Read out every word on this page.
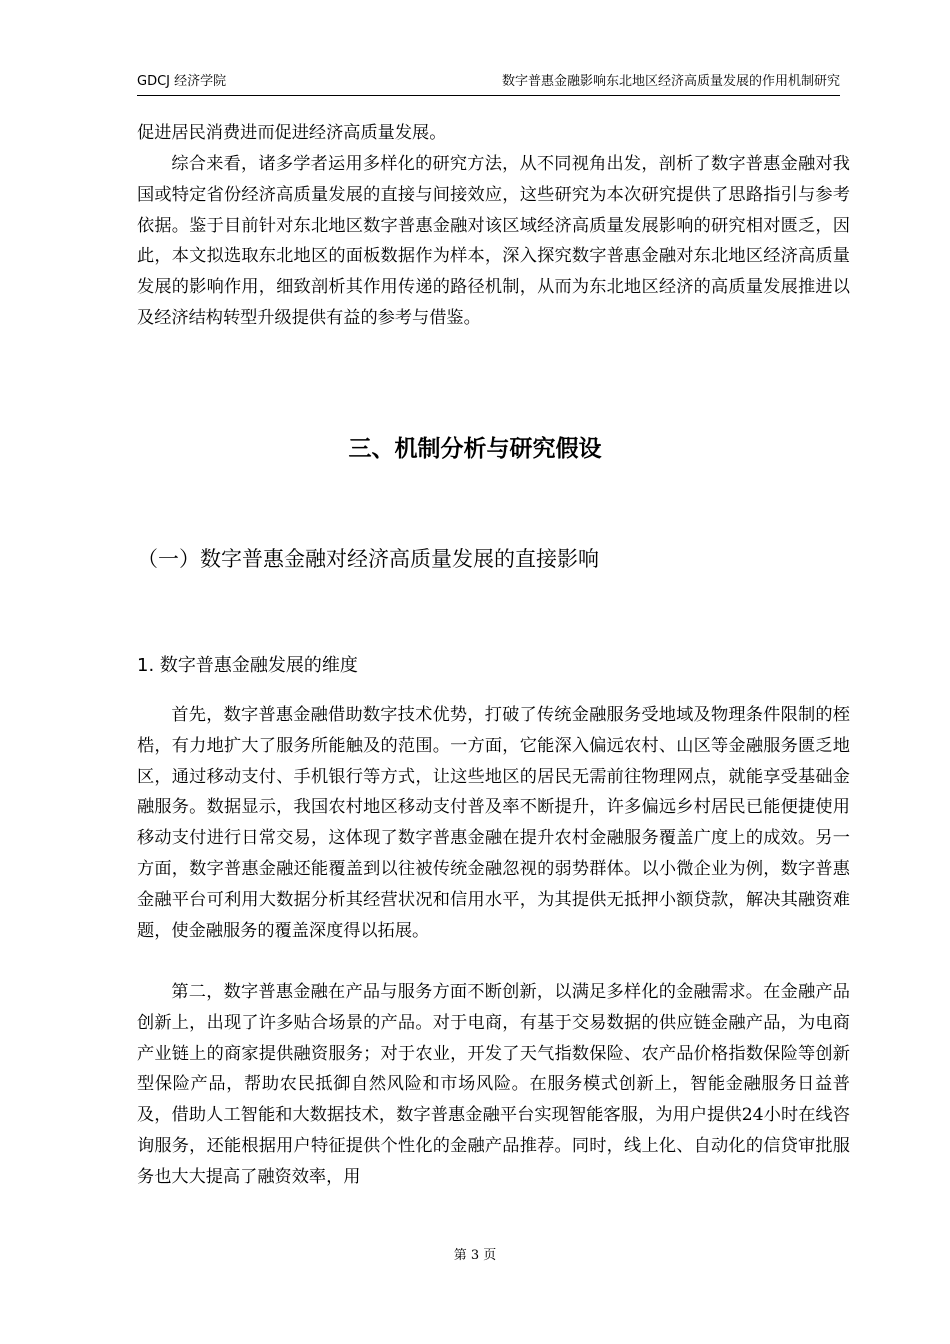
GDCJ 经济学院	数字普惠金融影响东北地区经济高质量发展的作用机制研究

促进居民消费进而促进经济高质量发展。

综合来看，诸多学者运用多样化的研究方法，从不同视角出发，剖析了数字普惠金融对我国或特定省份经济高质量发展的直接与间接效应，这些研究为本次研究提供了思路指引与参考依据。鉴于目前针对东北地区数字普惠金融对该区域经济高质量发展影响的研究相对匮乏，因此，本文拟选取东北地区的面板数据作为样本，深入探究数字普惠金融对东北地区经济高质量发展的影响作用，细致剖析其作用传递的路径机制，从而为东北地区经济的高质量发展推进以及经济结构转型升级提供有益的参考与借鉴。

三、机制分析与研究假设
（一）数字普惠金融对经济高质量发展的直接影响
1. 数字普惠金融发展的维度

首先，数字普惠金融借助数字技术优势，打破了传统金融服务受地域及物理条件限制的桎梏，有力地扩大了服务所能触及的范围。一方面，它能深入偏远农村、山区等金融服务匮乏地区，通过移动支付、手机银行等方式，让这些地区的居民无需前往物理网点，就能享受基础金融服务。数据显示，我国农村地区移动支付普及率不断提升，许多偏远乡村居民已能便捷使用移动支付进行日常交易，这体现了数字普惠金融在提升农村金融服务覆盖广度上的成效。另一方面，数字普惠金融还能覆盖到以往被传统金融忽视的弱势群体。以小微企业为例，数字普惠金融平台可利用大数据分析其经营状况和信用水平，为其提供无抵押小额贷款，解决其融资难题，使金融服务的覆盖深度得以拓展。

第二，数字普惠金融在产品与服务方面不断创新，以满足多样化的金融需求。在金融产品创新上，出现了许多贴合场景的产品。对于电商，有基于交易数据的供应链金融产品，为电商产业链上的商家提供融资服务；对于农业，开发了天气指数保险、农产品价格指数保险等创新型保险产品，帮助农民抵御自然风险和市场风险。在服务模式创新上，智能金融服务日益普及，借助人工智能和大数据技术，数字普惠金融平台实现智能客服，为用户提供24小时在线咨询服务，还能根据用户特征提供个性化的金融产品推荐。同时，线上化、自动化的信贷审批服务也大大提高了融资效率，用

第 3 页
